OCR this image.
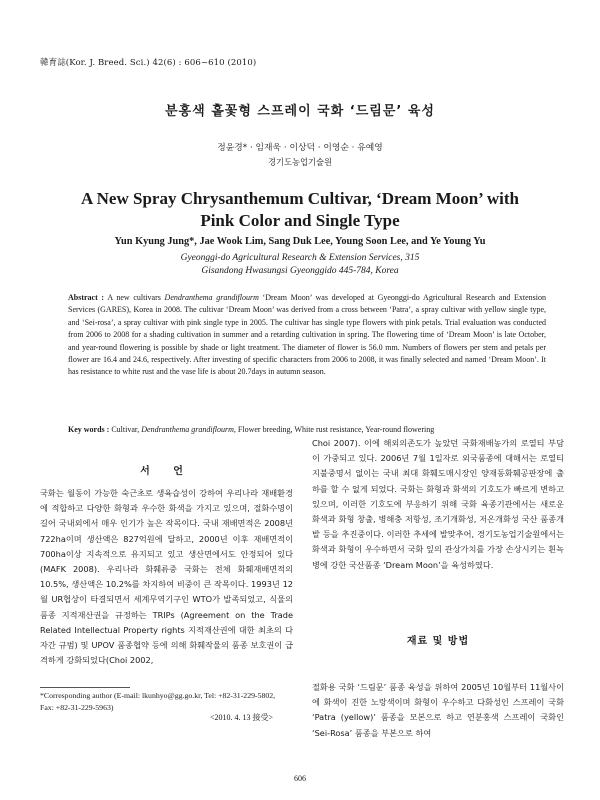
韓育誌(Kor. J. Breed. Sci.) 42(6) : 606~610 (2010)
분홍색 홑꽃형 스프레이 국화 ‘드림문’ 육성
정윤경* · 임재욱 · 이상덕 · 이영순 · 유예영
경기도농업기술원
A New Spray Chrysanthemum Cultivar, ‘Dream Moon’ with
Pink Color and Single Type
Yun Kyung Jung*, Jae Wook Lim, Sang Duk Lee, Young Soon Lee, and Ye Young Yu
Gyeonggi-do Agricultural Research & Extension Services, 315
Gisandong Hwasungsi Gyeonggido 445-784, Korea
Abstract : A new cultivars Dendranthema grandiflourm ‘Dream Moon’ was developed at Gyeonggi-do Agricultural Research and Extension Services (GARES), Korea in 2008. The cultivar ‘Dream Moon’ was derived from a cross between ‘Patra’, a spray cultivar with yellow single type, and ‘Sei-rosa’, a spray cultivar with pink single type in 2005. The cultivar has single type flowers with pink petals. Trial evaluation was conducted from 2006 to 2008 for a shading cultivation in summer and a retarding cultivation in spring. The flowering time of ‘Dream Moon’ is late October, and year-round flowering is possible by shade or light treatment. The diameter of flower is 56.0 mm. Numbers of flowers per stem and petals per flower are 16.4 and 24.6, respectively. After investing of specific characters from 2006 to 2008, it was finally selected and named ‘Dream Moon’. It has resistance to white rust and the vase life is about 20.7days in autumn season.
Key words : Cultivar, Dendranthema grandiflourm, Flower breeding, White rust resistance, Year-round flowering
서 언

국화는 월동이 가능한 숙근초로 생육습성이 강하여 우리나라 재배환경에 적합하고 다양한 화형과 우수한 화색을 가지고 있으며, 절화수명이 길어 국내외에서 매우 인기가 높은 작목이다. 국내 재배면적은 2008년 722ha이며 생산액은 827억원에 달하고, 2000년 이후 재배면적이 700ha이상 지속적으로 유지되고 있고 생산면에서도 안정되어 있다(MAFK 2008). 우리나라 화훼류중 국화는 전체 화훼재배면적의 10.5%, 생산액은 10.2%를 차지하여 비중이 큰 작목이다. 1993년 12월 UR협상이 타결되면서 세계무역기구인 WTO가 발족되었고, 식물의 품종 지적재산권을 규정하는 TRIPs (Agreement on the Trade Related Intellectual Property rights 지적재산권에 대한 최초의 다자간 규범) 및 UPOV 품종협약 등에 의해 화훼작물의 품종 보호권이 급격하게 강화되었다(Choi 2002,

Choi 2007). 이에 해외의존도가 높았던 국화재배농가의 로열티 부담이 가중되고 있다. 2006년 7월 1일자로 외국품종에 대해서는 로열티 지불중명서 없이는 국내 최대 화훼도매시장인 양재동화훼공판장에 출하를 할 수 없게 되었다. 국화는 화형과 화색의 기호도가 빠르게 변하고 있으며, 이러한 기호도에 부응하기 위해 국화 육종기관에서는 새로운 화색과 화형 창출, 병해충 저항성, 조기개화성, 저온개화성 국산 품종개발 등을 추진중이다. 이러한 추세에 발맞추어, 경기도농업기술원에서는 화색과 화형이 우수하면서 국화 잎의 관상가치를 가장 손상시키는 흰녹병에 강한 국산품종 ‘Dream Moon’을 육성하였다.

재료 및 방법

절화용 국화 ‘드림문’ 품종 육성을 위하여 2005년 10월부터 11월사이에 화색이 진한 노랑색이며 화형이 우수하고 다화성인 스프레이 국화 ‘Patra (yellow)’ 품종을 모본으로 하고 연분홍색 스프레이 국화인 ‘Sei-Rosa’ 품종을 부본으로 하여

*Corresponding author (E-mail: lkunhyo@gg.go.kr, Tel: +82-31-229-5802, Fax: +82-31-229-5963)
<2010. 4. 13 接受>
606
